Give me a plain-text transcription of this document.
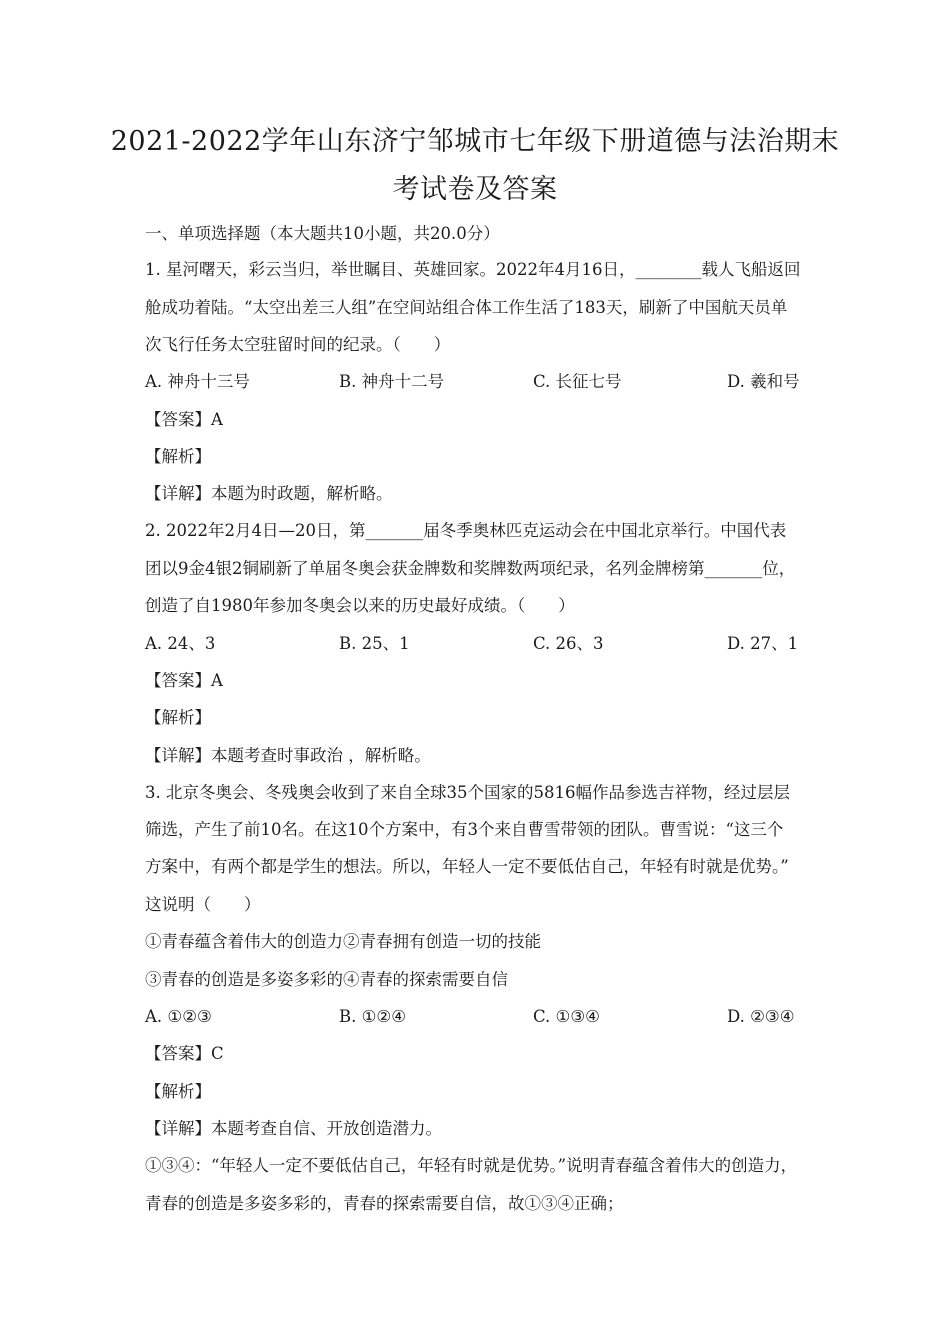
2021-2022学年山东济宁邹城市七年级下册道德与法治期末
考试卷及答案
一、单项选择题（本大题共10小题，共20.0分）
1. 星河曙天，彩云当归，举世瞩目、英雄回家。2022年4月16日，________载人飞船返回
舱成功着陆。“太空出差三人组”在空间站组合体工作生活了183天，刷新了中国航天员单
次飞行任务太空驻留时间的纪录。（　　）
A. 神舟十三号	B. 神舟十二号	C. 长征七号	D. 羲和号
【答案】A
【解析】
【详解】本题为时政题，解析略。
2. 2022年2月4日—20日，第_______届冬季奥林匹克运动会在中国北京举行。中国代表
团以9金4银2铜刷新了单届冬奥会获金牌数和奖牌数两项纪录，名列金牌榜第_______位，
创造了自1980年参加冬奥会以来的历史最好成绩。（　　）
A. 24、3	B. 25、1	C. 26、3	D. 27、1
【答案】A
【解析】
【详解】本题考查时事政治 ，解析略。
3. 北京冬奥会、冬残奥会收到了来自全球35个国家的5816幅作品参选吉祥物，经过层层
筛选，产生了前10名。在这10个方案中，有3个来自曹雪带领的团队。曹雪说：“这三个
方案中，有两个都是学生的想法。所以，年轻人一定不要低估自己，年轻有时就是优势。”
这说明（　　）
①青春蕴含着伟大的创造力②青春拥有创造一切的技能
③青春的创造是多姿多彩的④青春的探索需要自信
A. ①②③	B. ①②④	C. ①③④	D. ②③④
【答案】C
【解析】
【详解】本题考查自信、开放创造潜力。
①③④：“年轻人一定不要低估自己，年轻有时就是优势。”说明青春蕴含着伟大的创造力，
青春的创造是多姿多彩的，青春的探索需要自信，故①③④正确；
